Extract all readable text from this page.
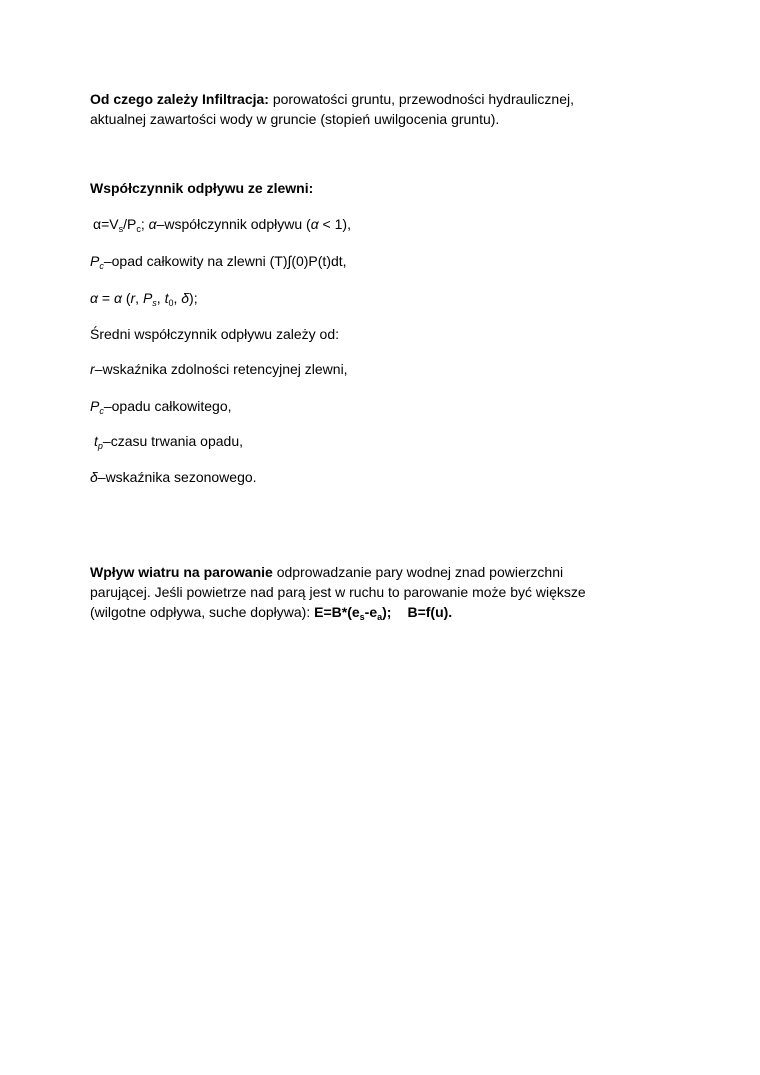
Od czego zależy Infiltracja: porowatości gruntu, przewodności hydraulicznej,
aktualnej zawartości wody w gruncie (stopień uwilgocenia gruntu).
Współczynnik odpływu ze zlewni:
$\alpha=V_s/P_c$; α–współczynnik odpływu (α < 1),
$P_c$–opad całkowity na zlewni (T)∫(0)P(t)dt,
α = α (r, $P_s$, $t_0$, δ);
Średni współczynnik odpływu zależy od:
r–wskaźnika zdolności retencyjnej zlewni,
$P_c$–opadu całkowitego,
$t_p$–czasu trwania opadu,
δ–wskaźnika sezonowego.
Wpływ wiatru na parowanie odprowadzanie pary wodnej znad powierzchni
parującej. Jeśli powietrze nad parą jest w ruchu to parowanie może być większe
(wilgotne odpływa, suche dopływa): $E=B*(e_s-e_a)$; B=f(u).
